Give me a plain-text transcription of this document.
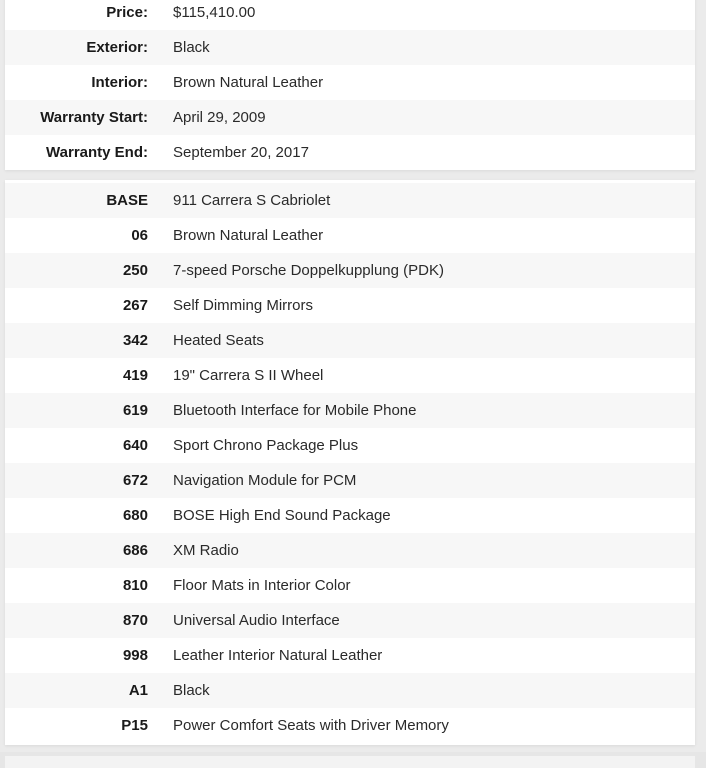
Price:	$115,410.00
Exterior:	Black
Interior:	Brown Natural Leather
Warranty Start:	April 29, 2009
Warranty End:	September 20, 2017
BASE	911 Carrera S Cabriolet
06	Brown Natural Leather
250	7-speed Porsche Doppelkupplung (PDK)
267	Self Dimming Mirrors
342	Heated Seats
419	19" Carrera S II Wheel
619	Bluetooth Interface for Mobile Phone
640	Sport Chrono Package Plus
672	Navigation Module for PCM
680	BOSE High End Sound Package
686	XM Radio
810	Floor Mats in Interior Color
870	Universal Audio Interface
998	Leather Interior Natural Leather
A1	Black
P15	Power Comfort Seats with Driver Memory
